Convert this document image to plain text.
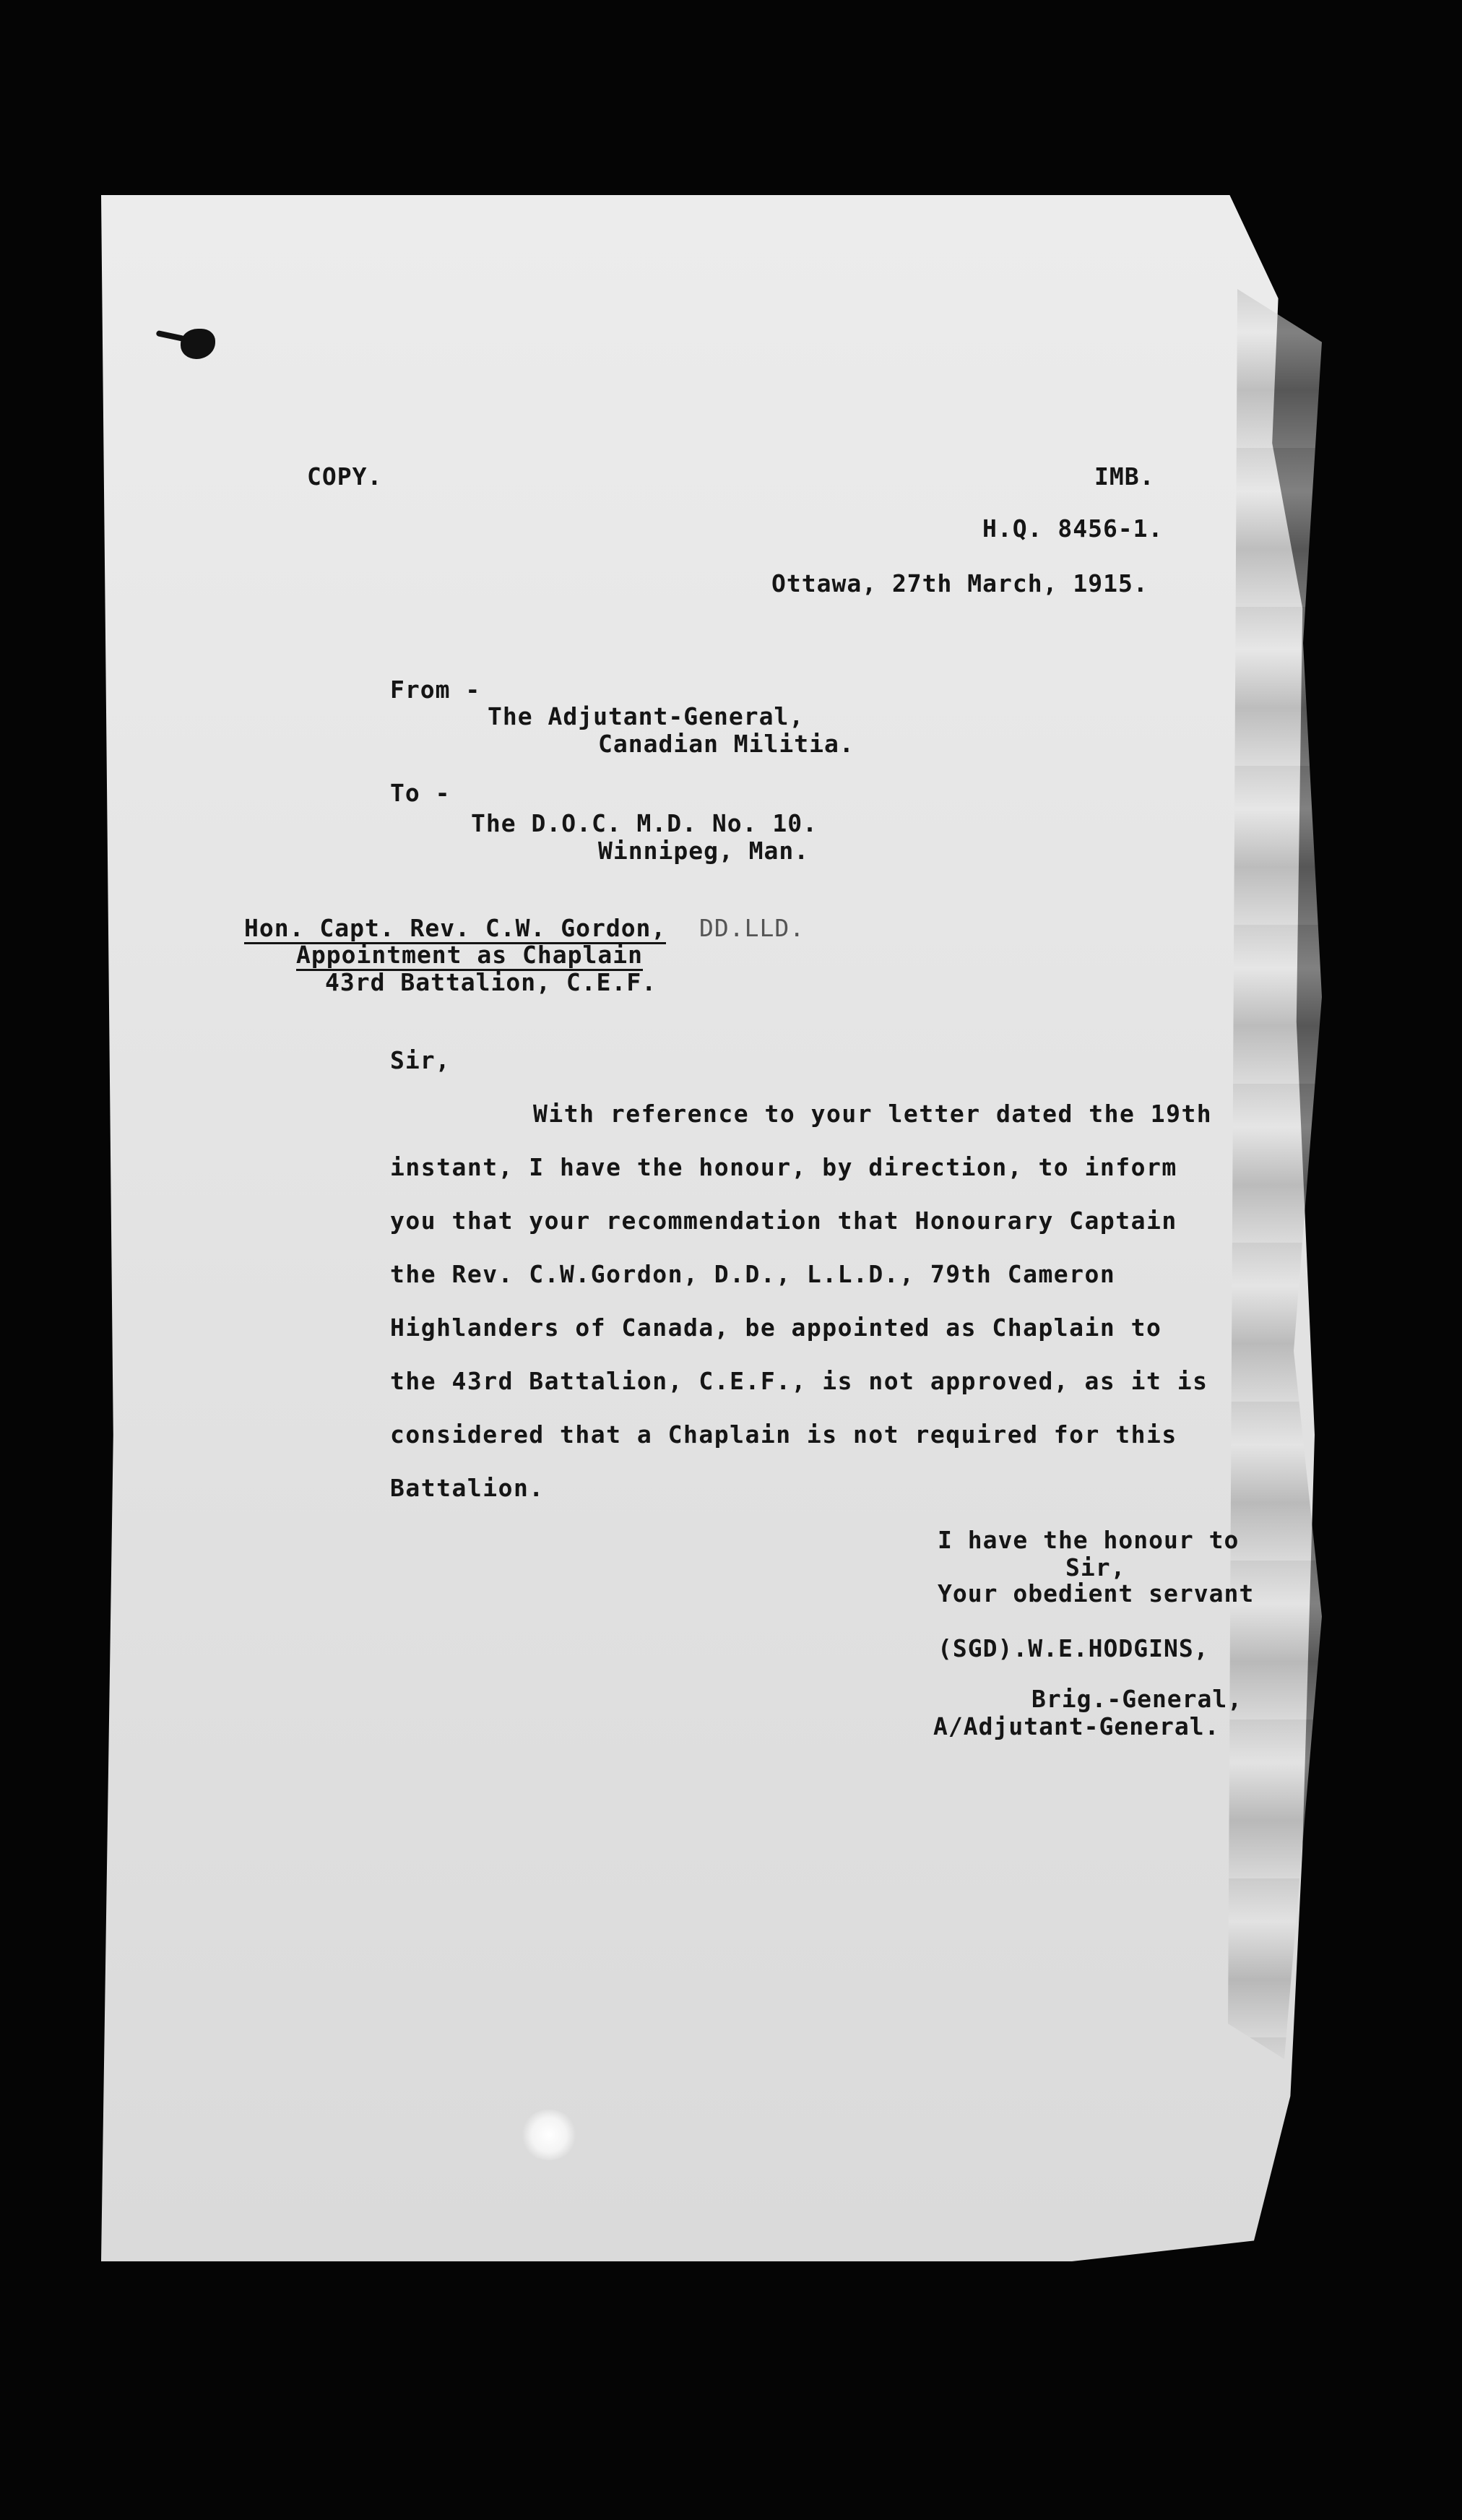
COPY.	IMB.
H.Q. 8456-1.
Ottawa, 27th March, 1915.
From -
The Adjutant-General,
Canadian Militia.
To -
The D.O.C. M.D. No. 10.
Winnipeg, Man.
Hon. Capt. Rev. C.W. Gordon, DD.LLD.
Appointment as Chaplain
43rd Battalion, C.E.F.
Sir,
With reference to your letter dated the 19th
instant, I have the honour, by direction, to inform
you that your recommendation that Honourary Captain
the Rev. C.W.Gordon, D.D., L.L.D., 79th Cameron
Highlanders of Canada, be appointed as Chaplain to
the 43rd Battalion, C.E.F., is not approved, as it is
considered that a Chaplain is not required for this
Battalion.
I have the honour to
Sir,
Your obedient servant
(SGD).W.E.HODGINS,
Brig.-General,
A/Adjutant-General.
